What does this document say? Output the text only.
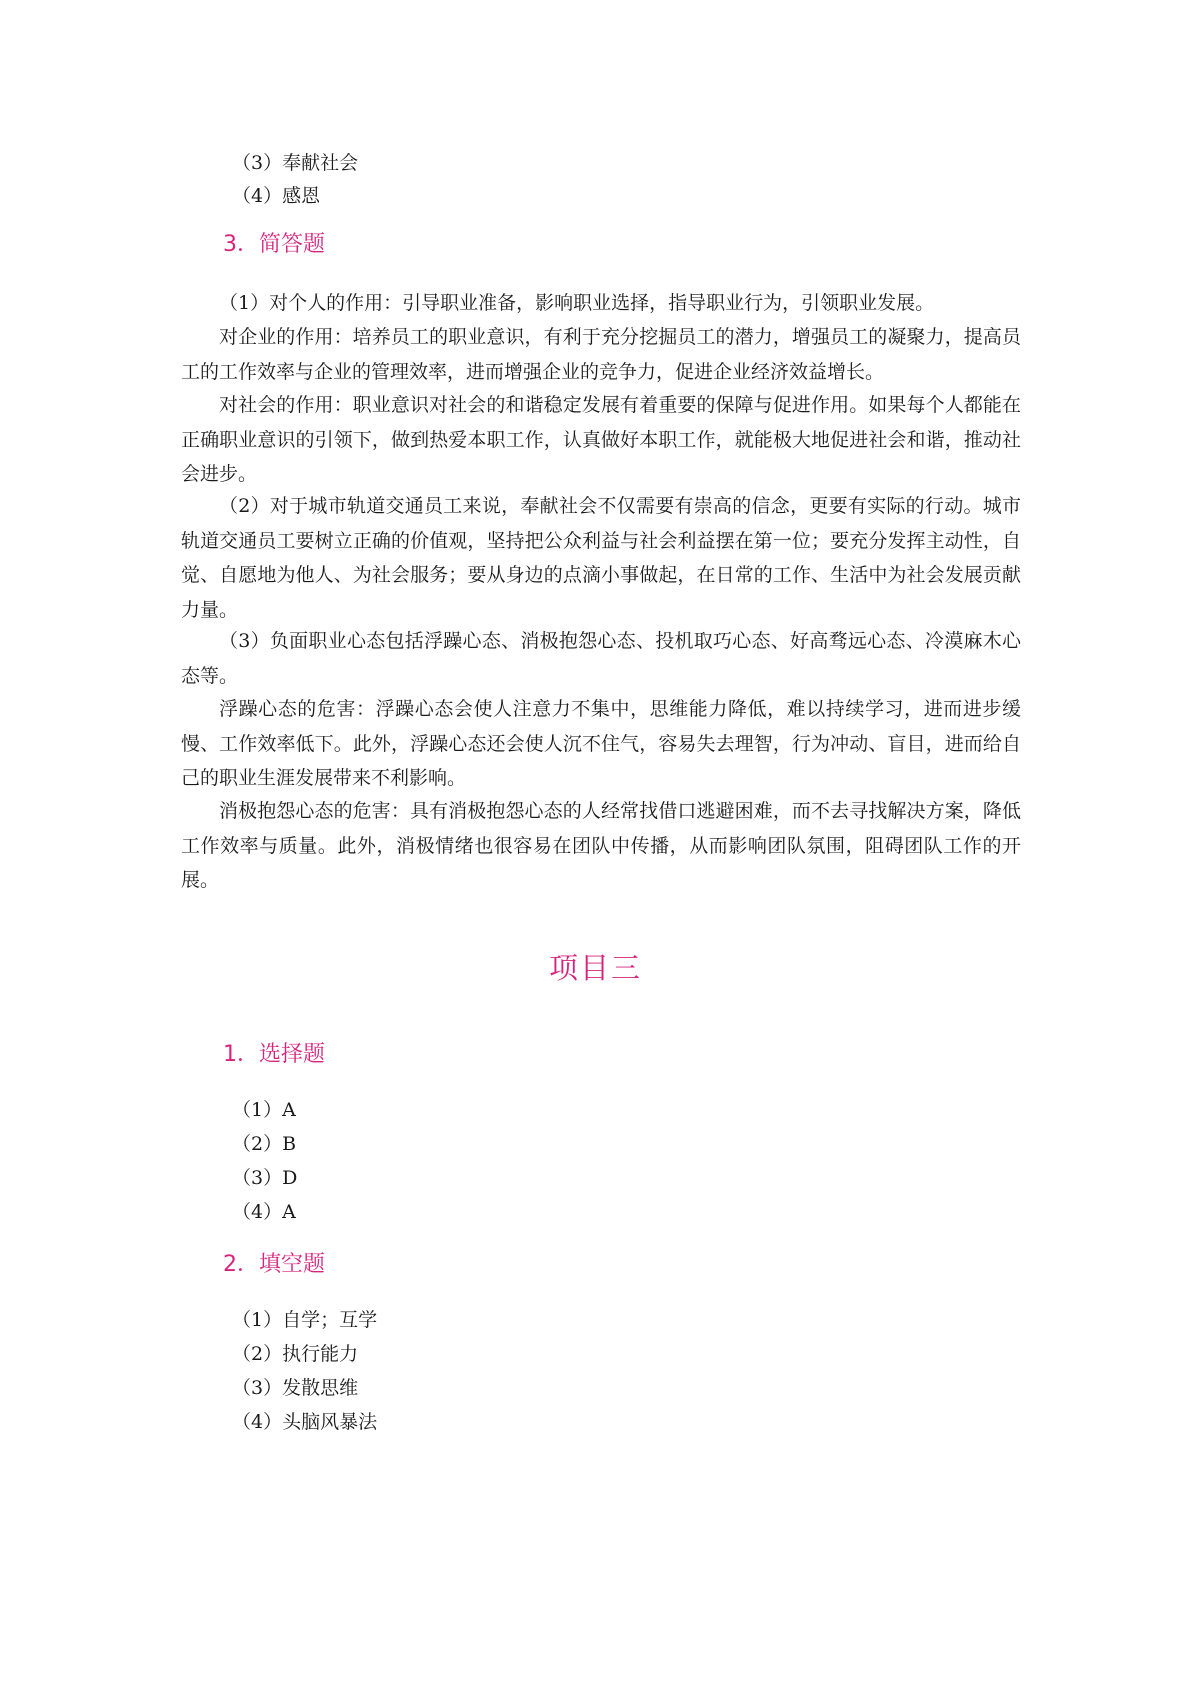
（3）奉献社会
（4）感恩
3．简答题

（1）对个人的作用：引导职业准备，影响职业选择，指导职业行为，引领职业发展。

对企业的作用：培养员工的职业意识，有利于充分挖掘员工的潜力，增强员工的凝聚力，提高员工的工作效率与企业的管理效率，进而增强企业的竞争力，促进企业经济效益增长。

对社会的作用：职业意识对社会的和谐稳定发展有着重要的保障与促进作用。如果每个人都能在正确职业意识的引领下，做到热爱本职工作，认真做好本职工作，就能极大地促进社会和谐，推动社会进步。

（2）对于城市轨道交通员工来说，奉献社会不仅需要有崇高的信念，更要有实际的行动。城市轨道交通员工要树立正确的价值观，坚持把公众利益与社会利益摆在第一位；要充分发挥主动性，自觉、自愿地为他人、为社会服务；要从身边的点滴小事做起，在日常的工作、生活中为社会发展贡献力量。

（3）负面职业心态包括浮躁心态、消极抱怨心态、投机取巧心态、好高骛远心态、冷漠麻木心态等。

浮躁心态的危害：浮躁心态会使人注意力不集中，思维能力降低，难以持续学习，进而进步缓慢、工作效率低下。此外，浮躁心态还会使人沉不住气，容易失去理智，行为冲动、盲目，进而给自己的职业生涯发展带来不利影响。

消极抱怨心态的危害：具有消极抱怨心态的人经常找借口逃避困难，而不去寻找解决方案，降低工作效率与质量。此外，消极情绪也很容易在团队中传播，从而影响团队氛围，阻碍团队工作的开展。

项目三
1．选择题
（1）A
（2）B
（3）D
（4）A
2．填空题
（1）自学；互学
（2）执行能力
（3）发散思维
（4）头脑风暴法
